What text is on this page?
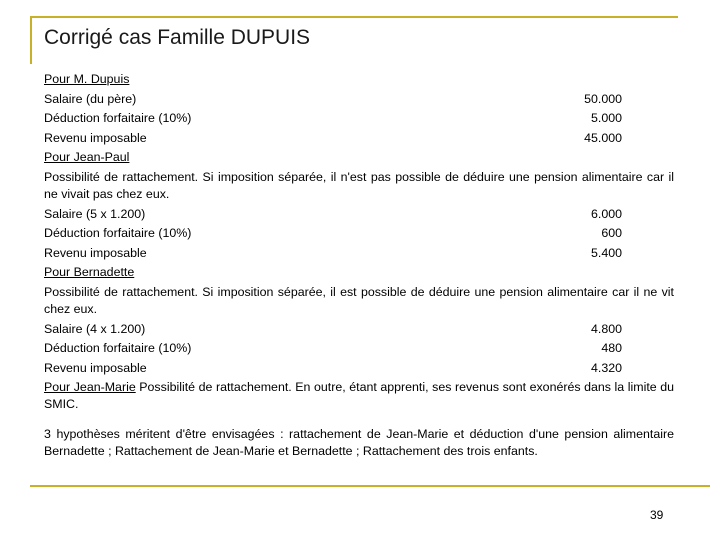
Corrigé cas Famille DUPUIS
Pour M. Dupuis
Salaire (du père)	50.000
Déduction forfaitaire (10%)	5.000
Revenu imposable	45.000
Pour Jean-Paul
Possibilité de rattachement. Si imposition séparée, il n'est pas possible de déduire une pension alimentaire car il ne vivait pas chez eux.
Salaire (5 x 1.200)	6.000
Déduction forfaitaire (10%)	600
Revenu imposable	5.400
Pour Bernadette
Possibilité de rattachement. Si imposition séparée, il est possible de déduire une pension alimentaire car il ne vit chez eux.
Salaire (4 x 1.200)	4.800
Déduction forfaitaire (10%)	480
Revenu imposable	4.320
Pour Jean-Marie Possibilité de rattachement. En outre, étant apprenti, ses revenus sont exonérés dans la limite du SMIC.
3 hypothèses méritent d'être envisagées : rattachement de Jean-Marie et déduction d'une pension alimentaire Bernadette ; Rattachement de Jean-Marie et Bernadette ; Rattachement des trois enfants.
39
